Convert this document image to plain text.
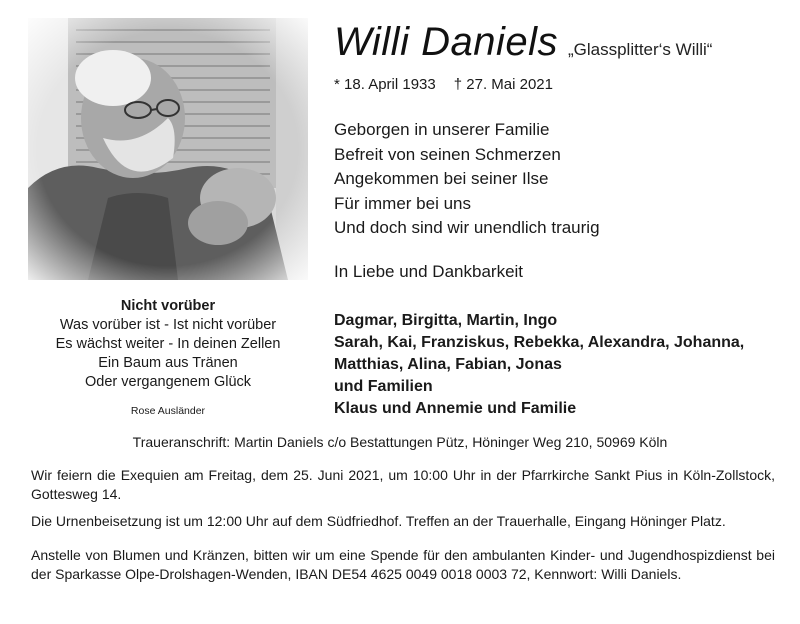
Willi Daniels „Glassplitter‘s Willi“
* 18. April 1933 † 27. Mai 2021
Geborgen in unserer Familie
Befreit von seinen Schmerzen
Angekommen bei seiner Ilse
Für immer bei uns
Und doch sind wir unendlich traurig
In Liebe und Dankbarkeit
Dagmar, Birgitta, Martin, Ingo
Sarah, Kai, Franziskus, Rebekka, Alexandra, Johanna,
Matthias, Alina, Fabian, Jonas
und Familien
Klaus und Annemie und Familie
Nicht vorüber
Was vorüber ist - Ist nicht vorüber
Es wächst weiter - In deinen Zellen
Ein Baum aus Tränen
Oder vergangenem Glück
Rose Ausländer
Traueranschrift: Martin Daniels c/o Bestattungen Pütz, Höninger Weg 210, 50969 Köln
Wir feiern die Exequien am Freitag, dem 25. Juni 2021, um 10:00 Uhr in der Pfarrkirche Sankt Pius in Köln-Zollstock, Gottesweg 14.
Die Urnenbeisetzung ist um 12:00 Uhr auf dem Südfriedhof. Treffen an der Trauerhalle, Eingang Höninger Platz.
Anstelle von Blumen und Kränzen, bitten wir um eine Spende für den ambulanten Kinder- und Jugendhospizdienst bei der Sparkasse Olpe-Drolshagen-Wenden, IBAN DE54 4625 0049 0018 0003 72, Kennwort: Willi Daniels.
